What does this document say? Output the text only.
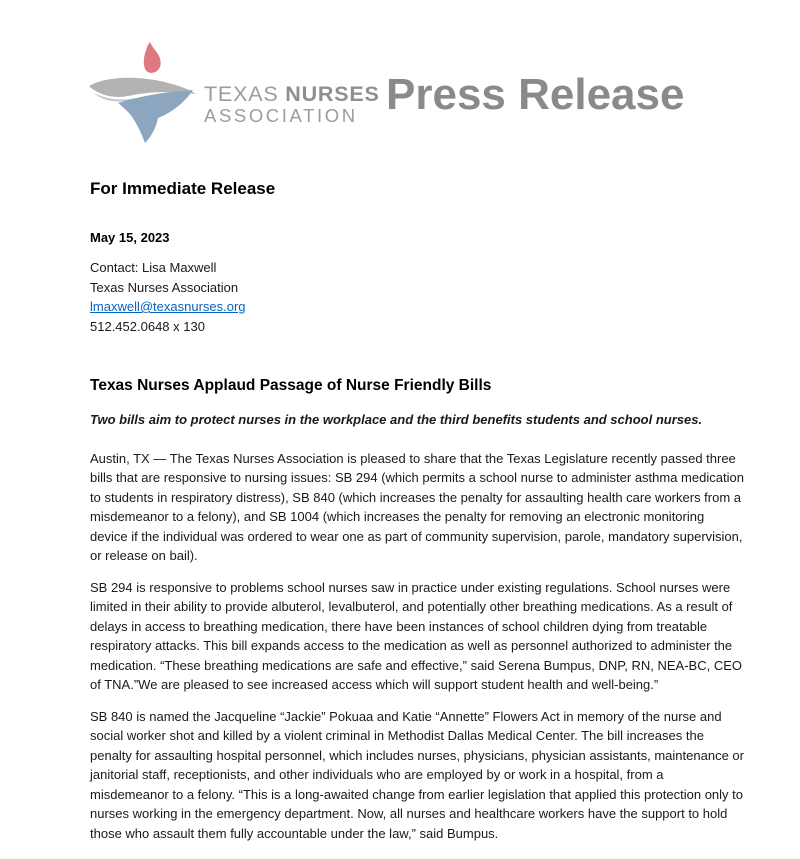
TEXAS NURSES
ASSOCIATION Press Release
For Immediate Release

May 15, 2023

Contact: Lisa Maxwell

Texas Nurses Association

lmaxwell@texasnurses.org

512.452.0648 x 130

Texas Nurses Applaud Passage of Nurse Friendly Bills

Two bills aim to protect nurses in the workplace and the third benefits students and school nurses.

Austin, TX — The Texas Nurses Association is pleased to share that the Texas Legislature recently passed three bills that are responsive to nursing issues: SB 294 (which permits a school nurse to administer asthma medication to students in respiratory distress), SB 840 (which increases the penalty for assaulting health care workers from a misdemeanor to a felony), and SB 1004 (which increases the penalty for removing an electronic monitoring device if the individual was ordered to wear one as part of community supervision, parole, mandatory supervision, or release on bail).

SB 294 is responsive to problems school nurses saw in practice under existing regulations. School nurses were limited in their ability to provide albuterol, levalbuterol, and potentially other breathing medications. As a result of delays in access to breathing medication, there have been instances of school children dying from treatable respiratory attacks. This bill expands access to the medication as well as personnel authorized to administer the medication. “These breathing medications are safe and effective,” said Serena Bumpus, DNP, RN, NEA-BC, CEO of TNA.”We are pleased to see increased access which will support student health and well-being.”

SB 840 is named the Jacqueline “Jackie” Pokuaa and Katie “Annette” Flowers Act in memory of the nurse and social worker shot and killed by a violent criminal in Methodist Dallas Medical Center. The bill increases the penalty for assaulting hospital personnel, which includes nurses, physicians, physician assistants, maintenance or janitorial staff, receptionists, and other individuals who are employed by or work in a hospital, from a misdemeanor to a felony. “This is a long-awaited change from earlier legislation that applied this protection only to nurses working in the emergency department. Now, all nurses and healthcare workers have the support to hold those who assault them fully accountable under the law,” said Bumpus.
